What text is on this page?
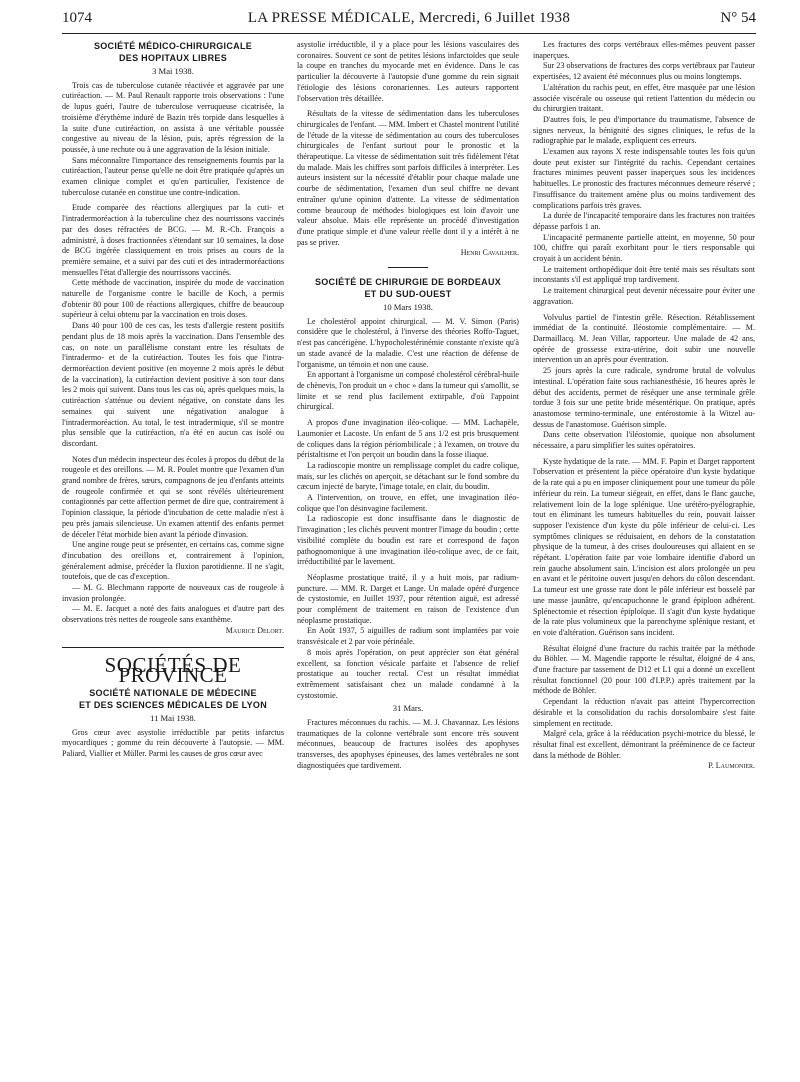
1074	LA PRESSE MÉDICALE, Mercredi, 6 Juillet 1938	N° 54
SOCIÉTÉ MÉDICO-CHIRURGICALE
DES HOPITAUX LIBRES
3 Mai 1938.

Trois cas de tuberculose cutanée réactivée et aggravée par une cutiréaction. — M. Paul Renault rapporte trois observations : l'une de lupus guéri, l'autre de tuberculose verruqueuse cicatrisée, la troisième d'érythème induré de Bazin très torpide dans lesquelles à la suite d'une cutiréaction, on assista à une véritable poussée congestive au niveau de la lésion, puis, après régression de la poussée, à une rechute ou à une aggravation de la lésion initiale.

Sans méconnaître l'importance des renseignements fournis par la cutiréaction, l'auteur pense qu'elle ne doit être pratiquée qu'après un examen clinique complet et qu'en particulier, l'existence de tuberculose cutanée en constitue une contre-indication.

Etude comparée des réactions allergiques par la cuti- et l'intradermoréaction à la tuberculine chez des nourrissons vaccinés par des doses réfractées de BCG. — M. R.-Ch. François a administré, à doses fractionnées s'étendant sur 10 semaines, la dose de BCG ingérée classiquement en trois prises au cours de la première semaine, et a suivi par des cuti et des intradermoréactions mensuelles l'état d'allergie des nourrissons vaccinés.

Cette méthode de vaccination, inspirée du mode de vaccination naturelle de l'organisme contre le bacille de Koch, a permis d'obtenir 80 pour 100 de réactions allergiques, chiffre de beaucoup supérieur à celui obtenu par la vaccination en trois doses.

Dans 40 pour 100 de ces cas, les tests d'allergie restent positifs pendant plus de 18 mois après la vaccination. Dans l'ensemble des cas, on note un parallélisme constant entre les résultats de l'intradermo- et de la cutiréaction. Toutes les fois que l'intra-dermoréaction devient positive (en moyenne 2 mois après le début de la vaccination), la cutiréaction devient positive à son tour dans les 2 mois qui suivent. Dans tous les cas où, après quelques mois, la cutiréaction s'atténue ou devient négative, on constate dans les semaines qui suivent une négativation analogue à l'intradermoréaction. Au total, le test intradermique, s'il se montre plus sensible que la cutiréaction, n'a été en aucun cas isolé ou discordant.

Notes d'un médecin inspecteur des écoles à propos du début de la rougeole et des oreillons. — M. R. Poulet montre que l'examen d'un grand nombre de frères, sœurs, compagnons de jeu d'enfants atteints de rougeole confirmée et qui se sont révélés ultérieurement contagionnés par cette affection permet de dire que, contrairement à l'opinion classique, la période d'incubation de cette maladie n'est à peu près jamais silencieuse. Un examen attentif des enfants permet de déceler l'état morbide bien avant la période d'invasion.

Une angine rouge peut se présenter, en certains cas, comme signe d'incubation des oreillons et, contrairement à l'opinion, généralement admise, précéder la fluxion parotidienne. Il ne s'agit, toutefois, que de cas d'exception.

— M. G. Blechmann rapporte de nouveaux cas de rougeole à invasion prolongée.

— M. E. Jacquet a noté des faits analogues et d'autre part des observations très nettes de rougeole sans exanthème.

Maurice Delort.
SOCIÉTÉS DE PROVINCE
SOCIÉTÉ NATIONALE DE MÉDECINE
ET DES SCIENCES MÉDICALES DE LYON
11 Mai 1938.

Gros cœur avec asystolie irréductible par petits infarctus myocardiques ; gomme du rein découverte à l'autopsie. — MM. Paliard, Viallier et Müller. Parmi les causes de gros cœur avec

asystolie irréductible, il y a place pour les lésions vasculaires des coronaires. Souvent ce sont de petites lésions infarctoïdes que seule la coupe en tranches du myocarde met en évidence. Dans le cas particulier la découverte à l'autopsie d'une gomme du rein signait l'étiologie des lésions coronariennes. Les auteurs rapportent l'observation très détaillée.

Résultats de la vitesse de sédimentation dans les tuberculoses chirurgicales de l'enfant. — MM. Imbert et Chastel montrent l'utilité de l'étude de la vitesse de sédimentation au cours des tuberculoses chirurgicales de l'enfant surtout pour le pronostic et la thérapeutique. La vitesse de sédimentation suit très fidèlement l'état du malade. Mais les chiffres sont parfois difficiles à interpréter. Les auteurs insistent sur la nécessité d'établir pour chaque malade une courbe de sédimentation, l'examen d'un seul chiffre ne devant entraîner qu'une opinion d'attente. La vitesse de sédimentation comme beaucoup de méthodes biologiques est loin d'avoir une valeur absolue. Mais elle représente un procédé d'investigation d'une pratique simple et d'une valeur réelle dont il y a intérêt à ne pas se priver.

Henri Cavailher.
SOCIÉTÉ DE CHIRURGIE DE BORDEAUX
ET DU SUD-OUEST
10 Mars 1938.

Le cholestérol appoint chirurgical. — M. V. Simon (Paris) considère que le cholestérol, à l'inverse des théories Roffo-Taguet, n'est pas cancérigène. L'hypocholestérinémie constante n'existe qu'à un stade avancé de la maladie. C'est une réaction de défense de l'organisme, un témoin et non une cause.

En apportant à l'organisme un composé cholestérol cérébral-huile de chènevis, l'on produit un « choc » dans la tumeur qui s'amollit, se limite et se rend plus facilement extirpable, d'où l'appoint chirurgical.

A propos d'une invagination iléo-colique. — MM. Lachapèle, Laumonier et Lacoste. Un enfant de 5 ans 1/2 est pris brusquement de coliques dans la région périombilicale ; à l'examen, on trouve du péristaltisme et l'on perçoit un boudin dans la fosse iliaque.

La radioscopie montre un remplissage complet du cadre colique, mais, sur les clichés on aperçoit, se détachant sur le fond sombre du cæcum injecté de baryte, l'image totale, en clair, du boudin.

A l'intervention, on trouve, en effet, une invagination iléo-colique que l'on désinvagine facilement.

La radioscopie est donc insuffisante dans le diagnostic de l'invagination ; les clichés peuvent montrer l'image du boudin ; cette visibilité complète du boudin est rare et correspond de façon pathognomonique à une invagination iléo-colique avec, de ce fait, irréductibilité par le lavement.

Néoplasme prostatique traité, il y a huit mois, par radium-puncture. — MM. R. Darget et Lange. Un malade opéré d'urgence de cystostomie, en Juillet 1937, pour rétention aiguë, est adressé pour complément de traitement en raison de l'existence d'un néoplasme prostatique.

En Août 1937, 5 aiguilles de radium sont implantées par voie transvésicale et 2 par voie périnéale.

8 mois après l'opération, on peut apprécier son état général excellent, sa fonction vésicale parfaite et l'absence de relief prostatique au toucher rectal. C'est un résultat immédiat extrêmement satisfaisant chez un malade condamné à la cystostomie.

31 Mars.

Fractures méconnues du rachis. — M. J. Chavannaz. Les lésions traumatiques de la colonne vertébrale sont encore très souvent méconnues, beaucoup de fractures isolées des apophyses transverses, des apophyses épineuses, des lames vertébrales ne sont diagnostiquées que tardivement.

Les fractures des corps vertébraux elles-mêmes peuvent passer inaperçues.

Sur 23 observations de fractures des corps vertébraux par l'auteur expertisées, 12 avaient été méconnues plus ou moins longtemps.

L'altération du rachis peut, en effet, être masquée par une lésion associée viscérale ou osseuse qui retient l'attention du médecin ou du chirurgien traitant.

D'autres fois, le peu d'importance du traumatisme, l'absence de signes nerveux, la bénignité des signes cliniques, le refus de la radiographie par le malade, expliquent ces erreurs.

L'examen aux rayons X reste indispensable toutes les fois qu'un doute peut exister sur l'intégrité du rachis. Cependant certaines fractures minimes peuvent passer inaperçues sous les incidences habituelles. Le pronostic des fractures méconnues demeure réservé ; l'insuffisance du traitement amène plus ou moins tardivement des complications parfois très graves.

La durée de l'incapacité temporaire dans les fractures non traitées dépasse parfois 1 an.

L'incapacité permanente partielle atteint, en moyenne, 50 pour 100, chiffre qui paraît exorbitant pour le tiers responsable qui croyait à un accident bénin.

Le traitement orthopédique doit être tenté mais ses résultats sont inconstants s'il est appliqué trop tardivement.

Le traitement chirurgical peut devenir nécessaire pour éviter une aggravation.

Volvulus partiel de l'intestin grêle. Résection. Rétablissement immédiat de la continuité. Iléostomie complémentaire. — M. Darmaillacq. M. Jean Villar, rapporteur. Une malade de 42 ans, opérée de grossesse extra-utérine, doit subir une nouvelle intervention un an après pour éventration.

25 jours après la cure radicale, syndrome brutal de volvulus intestinal. L'opération faite sous rachianesthésie, 16 heures après le début des accidents, permet de réséquer une anse terminale grêle tordue 3 fois sur une petite bride mésentérique. On pratique, après anastomose termino-terminale, une entérostomie à la Witzel au-dessus de l'anastomose. Guérison simple.

Dans cette observation l'iléostomie, quoique non absolument nécessaire, a paru simplifier les suites opératoires.

Kyste hydatique de la rate. — MM. F. Papin et Darget rapportent l'observation et présentent la pièce opératoire d'un kyste hydatique de la rate qui a pu en imposer cliniquement pour une tumeur du pôle inférieur du rein. La tumeur siégeait, en effet, dans le flanc gauche, relativement loin de la loge splénique. Une urétéro-pyélographie, tout en éliminant les tumeurs habituelles du rein, pouvait laisser supposer l'existence d'un kyste du pôle inférieur de celui-ci. Les symptômes cliniques se réduisaient, en dehors de la constatation physique de la tumeur, à des crises douloureuses qui allaient en se répétant. L'opération faite par voie lombaire identifie d'abord un rein gauche absolument sain. L'incision est alors prolongée un peu en avant et le péritoine ouvert jusqu'en dehors du côlon descendant. La tumeur est une grosse rate dont le pôle inférieur est bosselé par une masse jaunâtre, qu'encapuchonne le grand épiploon adhérent. Splénectomie et résection épiploïque. Il s'agit d'un kyste hydatique de la rate plus volumineux que la parenchyme splénique restant, et en voie d'altération. Guérison sans incident.

Résultat éloigné d'une fracture du rachis traitée par la méthode du Böhler. — M. Magendie rapporte le résultat, éloigné de 4 ans, d'une fracture par tassement de D12 et L1 qui a donné un excellent résultat fonctionnel (20 pour 100 d'I.P.P.) après traitement par la méthode de Böhler.

Cependant la réduction n'avait pas atteint l'hypercorrection désirable et la consolidation du rachis dorsolombaire s'est faite simplement en rectitude.

Malgré cela, grâce à la rééducation psychi-motrice du blessé, le résultat final est excellent, démontrant la prééminence de ce facteur dans la méthode de Böhler.

P. Laumonier.
